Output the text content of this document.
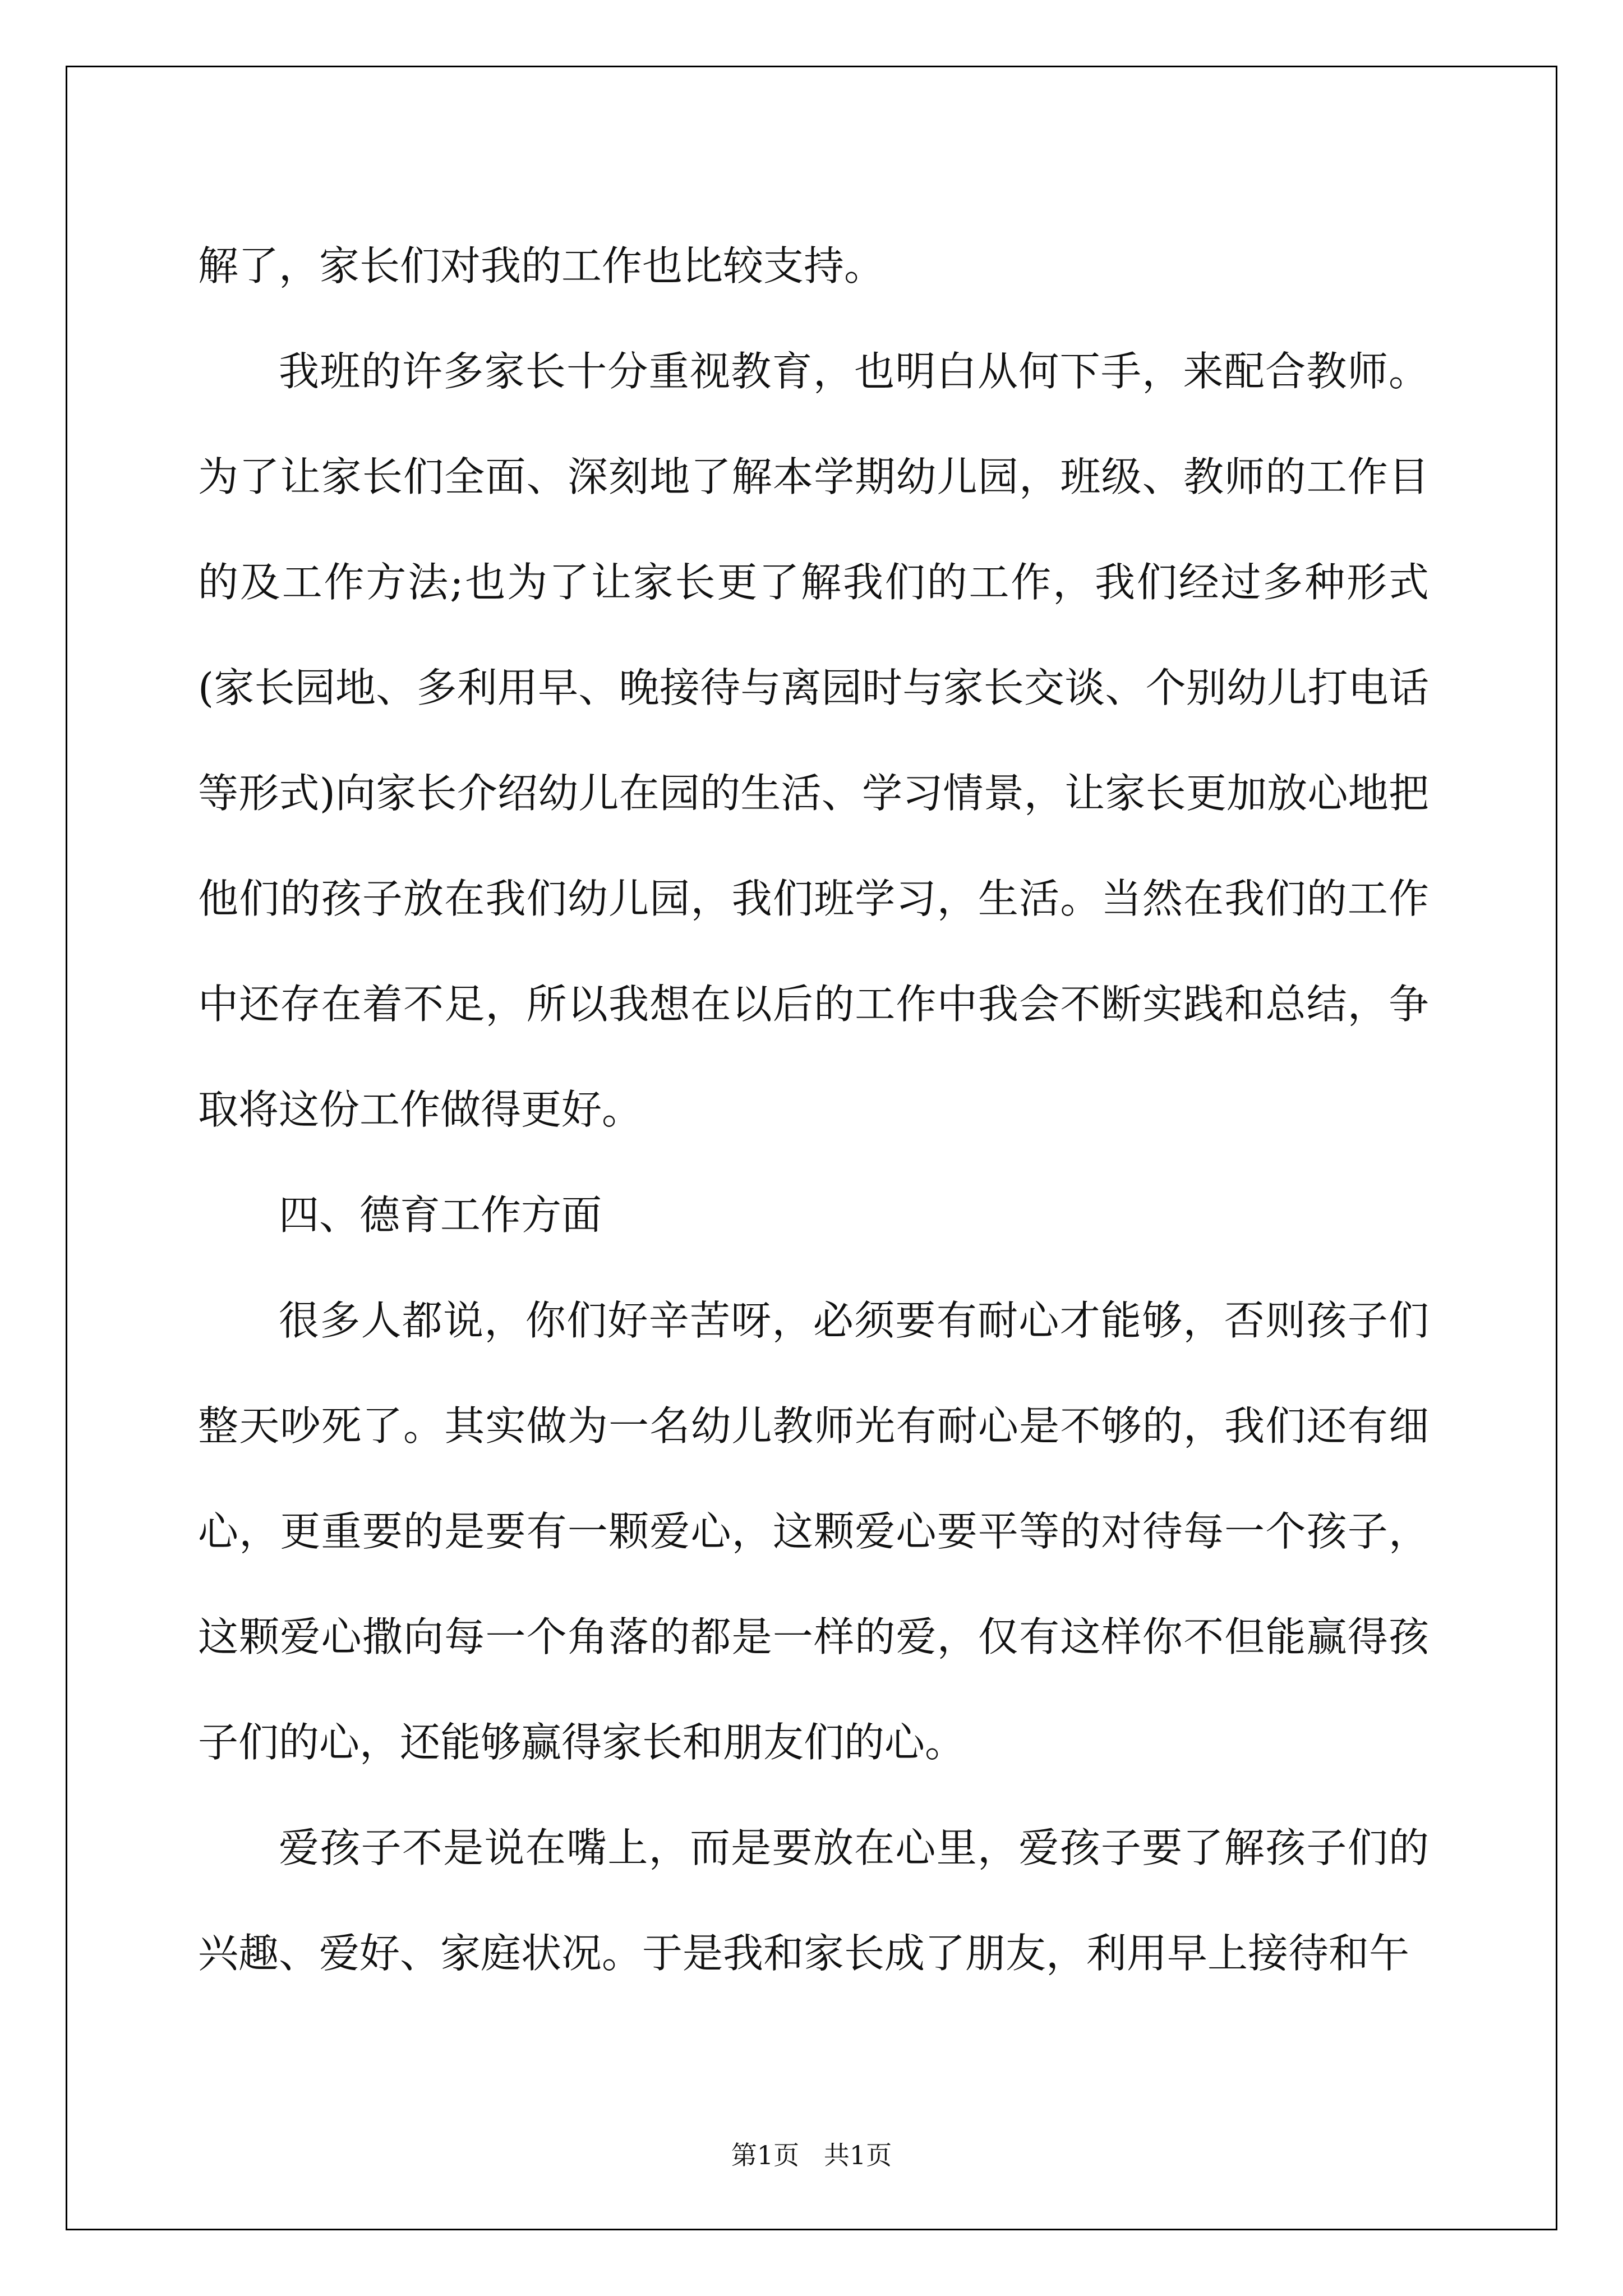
解了，家长们对我的工作也比较支持。

我班的许多家长十分重视教育，也明白从何下手，来配合教师。为了让家长们全面、深刻地了解本学期幼儿园，班级、教师的工作目的及工作方法;也为了让家长更了解我们的工作，我们经过多种形式(家长园地、多利用早、晚接待与离园时与家长交谈、个别幼儿打电话等形式)向家长介绍幼儿在园的生活、学习情景，让家长更加放心地把他们的孩子放在我们幼儿园，我们班学习，生活。当然在我们的工作中还存在着不足，所以我想在以后的工作中我会不断实践和总结，争取将这份工作做得更好。

四、德育工作方面

很多人都说，你们好辛苦呀，必须要有耐心才能够，否则孩子们整天吵死了。其实做为一名幼儿教师光有耐心是不够的，我们还有细心，更重要的是要有一颗爱心，这颗爱心要平等的对待每一个孩子，这颗爱心撒向每一个角落的都是一样的爱，仅有这样你不但能赢得孩子们的心，还能够赢得家长和朋友们的心。

爱孩子不是说在嘴上，而是要放在心里，爱孩子要了解孩子们的兴趣、爱好、家庭状况。于是我和家长成了朋友，利用早上接待和午

第1页   共1页
